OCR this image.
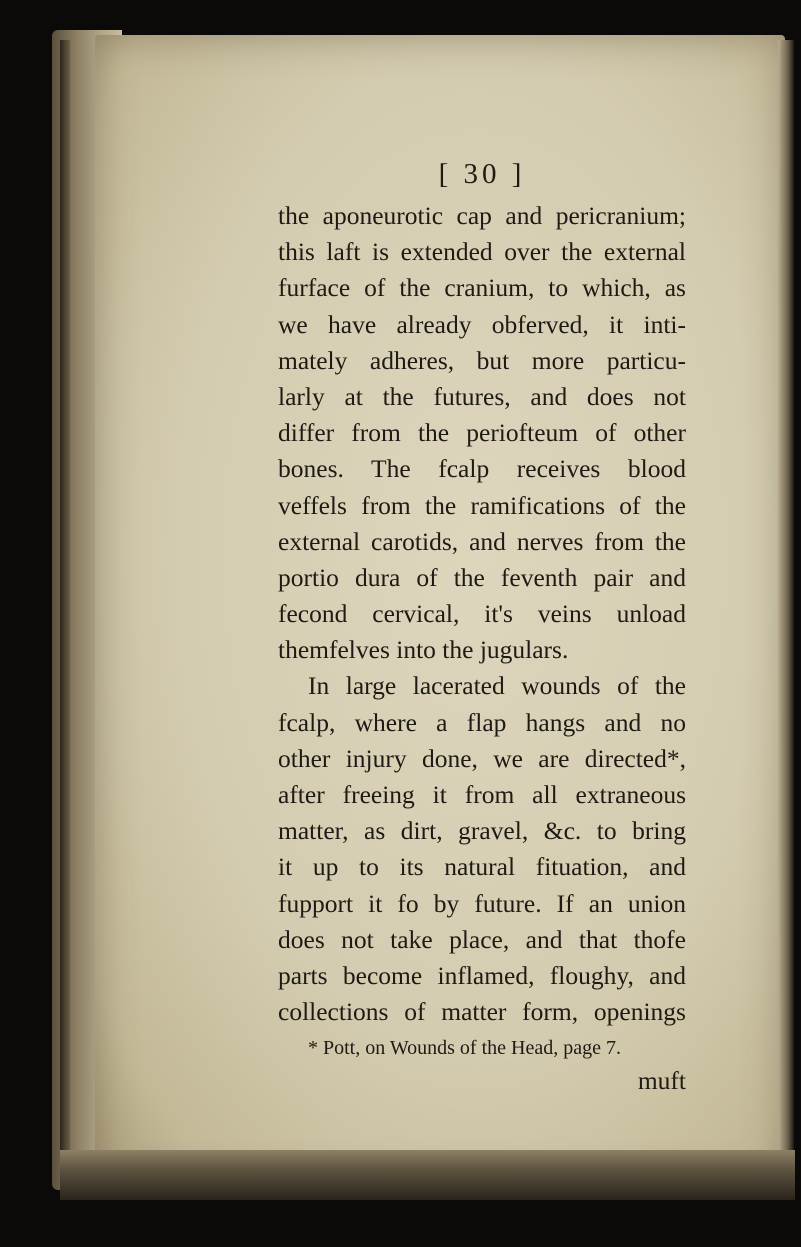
[ 30 ]
the aponeurotic cap and pericranium;
this laft is extended over the external
furface of the cranium, to which, as
we have already obferved, it inti-
mately adheres, but more particu-
larly at the futures, and does not
differ from the periofteum of other
bones. The fcalp receives blood
veffels from the ramifications of the
external carotids, and nerves from the
portio dura of the feventh pair and
fecond cervical, it's veins unload
themfelves into the jugulars.
In large lacerated wounds of the
fcalp, where a flap hangs and no
other injury done, we are directed*,
after freeing it from all extraneous
matter, as dirt, gravel, &c. to bring
it up to its natural fituation, and
fupport it fo by future. If an union
does not take place, and that thofe
parts become inflamed, floughy, and
collections of matter form, openings
* Pott, on Wounds of the Head, page 7.
muft
